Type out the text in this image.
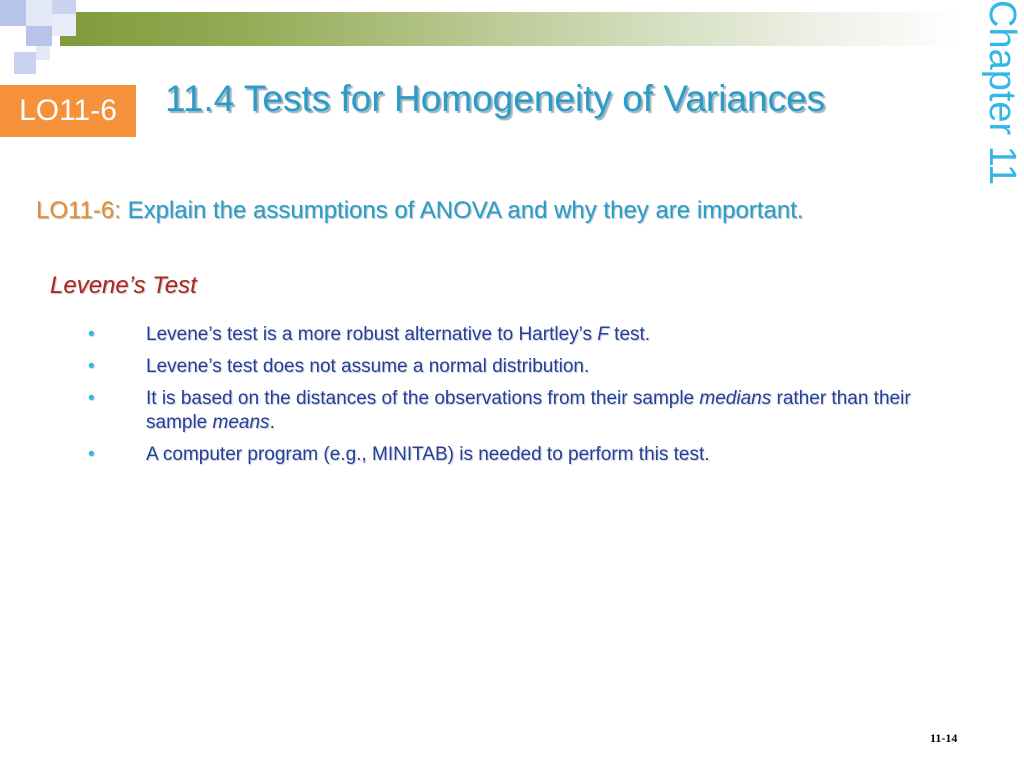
LO11-6	11.4 Tests for Homogeneity of Variances	Chapter 11
LO11-6: Explain the assumptions of ANOVA and why they are important.
Levene’s Test
•	Levene’s test is a more robust alternative to Hartley’s F test.
•	Levene’s test does not assume a normal distribution.
•	It is based on the distances of the observations from their sample medians rather than their sample means.
•	A computer program (e.g., MINITAB) is needed to perform this test.
11-14
